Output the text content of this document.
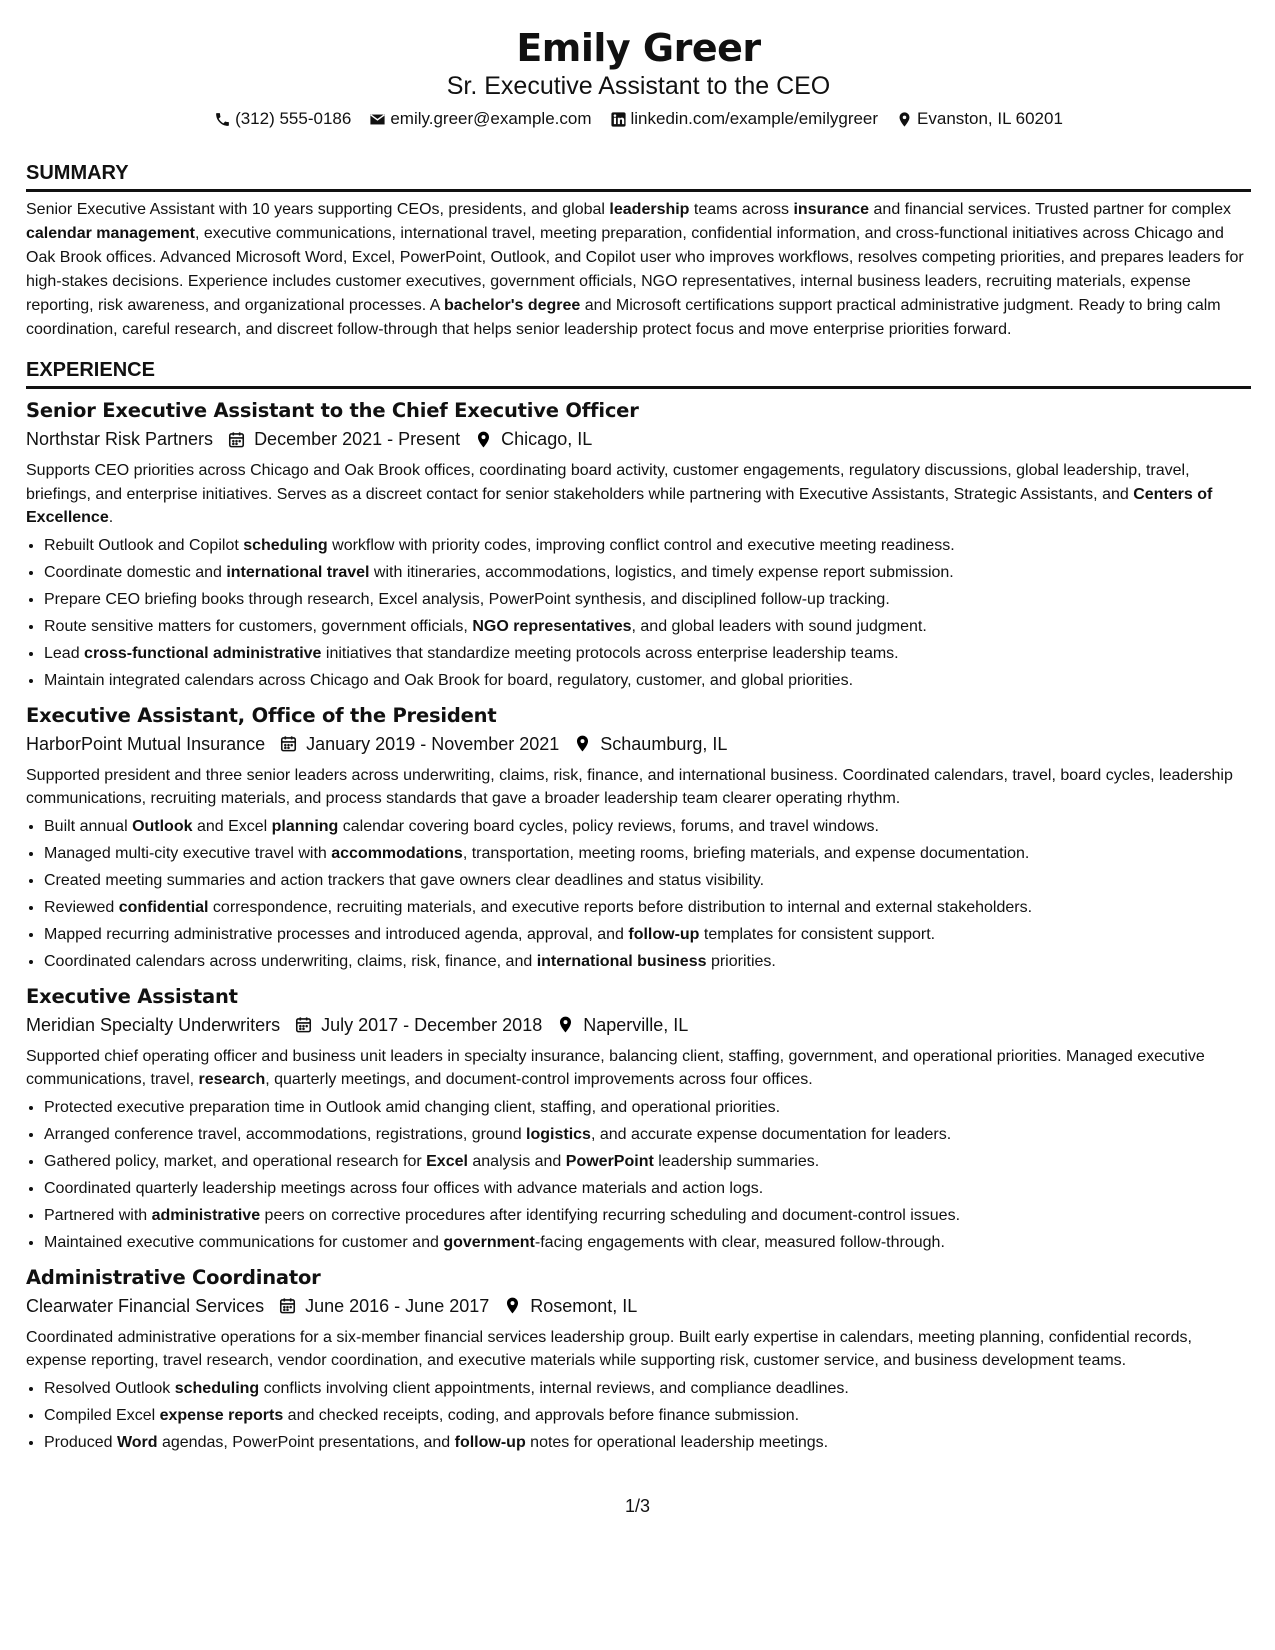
Emily Greer
Sr. Executive Assistant to the CEO
(312) 555-0186 emily.greer@example.com linkedin.com/example/emilygreer Evanston, IL 60201
SUMMARY
Senior Executive Assistant with 10 years supporting CEOs, presidents, and global leadership teams across insurance and financial services. Trusted partner for complex calendar management, executive communications, international travel, meeting preparation, confidential information, and cross-functional initiatives across Chicago and Oak Brook offices. Advanced Microsoft Word, Excel, PowerPoint, Outlook, and Copilot user who improves workflows, resolves competing priorities, and prepares leaders for high-stakes decisions. Experience includes customer executives, government officials, NGO representatives, internal business leaders, recruiting materials, expense reporting, risk awareness, and organizational processes. A bachelor's degree and Microsoft certifications support practical administrative judgment. Ready to bring calm coordination, careful research, and discreet follow-through that helps senior leadership protect focus and move enterprise priorities forward.
EXPERIENCE
Senior Executive Assistant to the Chief Executive Officer
Northstar Risk Partners December 2021 - Present Chicago, IL
Supports CEO priorities across Chicago and Oak Brook offices, coordinating board activity, customer engagements, regulatory discussions, global leadership, travel, briefings, and enterprise initiatives. Serves as a discreet contact for senior stakeholders while partnering with Executive Assistants, Strategic Assistants, and Centers of Excellence.
• Rebuilt Outlook and Copilot scheduling workflow with priority codes, improving conflict control and executive meeting readiness.
• Coordinate domestic and international travel with itineraries, accommodations, logistics, and timely expense report submission.
• Prepare CEO briefing books through research, Excel analysis, PowerPoint synthesis, and disciplined follow-up tracking.
• Route sensitive matters for customers, government officials, NGO representatives, and global leaders with sound judgment.
• Lead cross-functional administrative initiatives that standardize meeting protocols across enterprise leadership teams.
• Maintain integrated calendars across Chicago and Oak Brook for board, regulatory, customer, and global priorities.
Executive Assistant, Office of the President
HarborPoint Mutual Insurance January 2019 - November 2021 Schaumburg, IL
Supported president and three senior leaders across underwriting, claims, risk, finance, and international business. Coordinated calendars, travel, board cycles, leadership communications, recruiting materials, and process standards that gave a broader leadership team clearer operating rhythm.
• Built annual Outlook and Excel planning calendar covering board cycles, policy reviews, forums, and travel windows.
• Managed multi-city executive travel with accommodations, transportation, meeting rooms, briefing materials, and expense documentation.
• Created meeting summaries and action trackers that gave owners clear deadlines and status visibility.
• Reviewed confidential correspondence, recruiting materials, and executive reports before distribution to internal and external stakeholders.
• Mapped recurring administrative processes and introduced agenda, approval, and follow-up templates for consistent support.
• Coordinated calendars across underwriting, claims, risk, finance, and international business priorities.
Executive Assistant
Meridian Specialty Underwriters July 2017 - December 2018 Naperville, IL
Supported chief operating officer and business unit leaders in specialty insurance, balancing client, staffing, government, and operational priorities. Managed executive communications, travel, research, quarterly meetings, and document-control improvements across four offices.
• Protected executive preparation time in Outlook amid changing client, staffing, and operational priorities.
• Arranged conference travel, accommodations, registrations, ground logistics, and accurate expense documentation for leaders.
• Gathered policy, market, and operational research for Excel analysis and PowerPoint leadership summaries.
• Coordinated quarterly leadership meetings across four offices with advance materials and action logs.
• Partnered with administrative peers on corrective procedures after identifying recurring scheduling and document-control issues.
• Maintained executive communications for customer and government-facing engagements with clear, measured follow-through.
Administrative Coordinator
Clearwater Financial Services June 2016 - June 2017 Rosemont, IL
Coordinated administrative operations for a six-member financial services leadership group. Built early expertise in calendars, meeting planning, confidential records, expense reporting, travel research, vendor coordination, and executive materials while supporting risk, customer service, and business development teams.
• Resolved Outlook scheduling conflicts involving client appointments, internal reviews, and compliance deadlines.
• Compiled Excel expense reports and checked receipts, coding, and approvals before finance submission.
• Produced Word agendas, PowerPoint presentations, and follow-up notes for operational leadership meetings.
1/3
